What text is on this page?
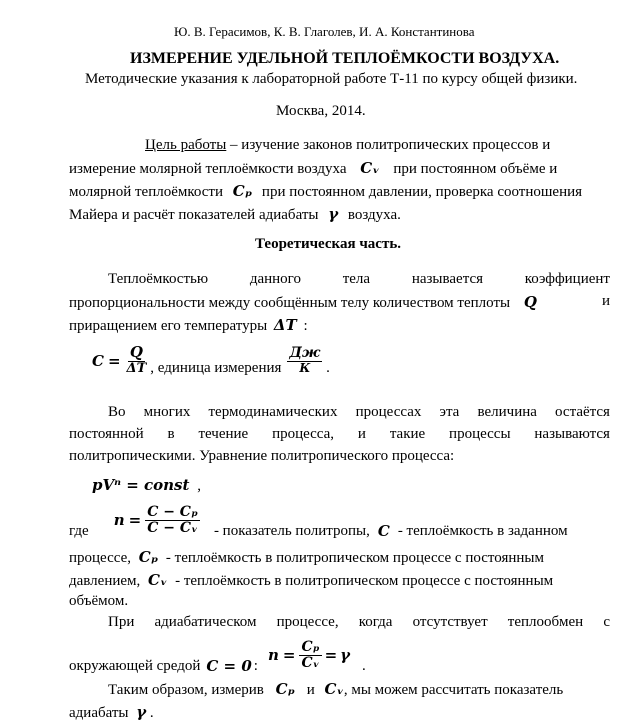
Ю. В. Герасимов, К. В. Глаголев, И. А. Константинова
ИЗМЕРЕНИЕ УДЕЛЬНОЙ ТЕПЛОЁМКОСТИ ВОЗДУХА.
Методические указания к лабораторной работе Т-11 по курсу общей физики.
Москва, 2014.
Цель работы – изучение законов политропических процессов и
измерение молярной теплоёмкости воздуха Cᵥ при постоянном объёме и
молярной теплоёмкости Cₚ при постоянном давлении, проверка соотношения
Майера и расчёт показателей адиабаты γ воздуха.
Теоретическая часть.
Теплоёмкостью	данного	тела	называется	коэффициент
пропорциональности между сообщённым телу количеством теплоты Q	и
приращением его температуры ΔT :
$C = \frac{Q}{\Delta T}$ , единица измерения $\frac{Дж}{К}$ .
Во многих термодинамических процессах эта величина остаётся
постоянной в течение процесса, и такие процессы называются
политропическими. Уравнение политропического процесса:
pVⁿ = const ,
где
$n = \frac{\text{C − Cₚ}}{\text{C − Cᵥ}}$ - показатель политропы, C - теплоёмкость в заданном
процессе, Cₚ - теплоёмкость в политропическом процессе с постоянным
давлением, Cᵥ - теплоёмкость в политропическом процессе с постоянным
объёмом.
При адиабатическом процессе, когда отсутствует теплообмен с
окружающей средой C = 0 :
$n = \frac{\text{Cₚ}}{\text{Cᵥ}} = \gamma$
.
Таким образом, измерив Cₚ и Cᵥ, мы можем рассчитать показатель
адиабаты γ .
